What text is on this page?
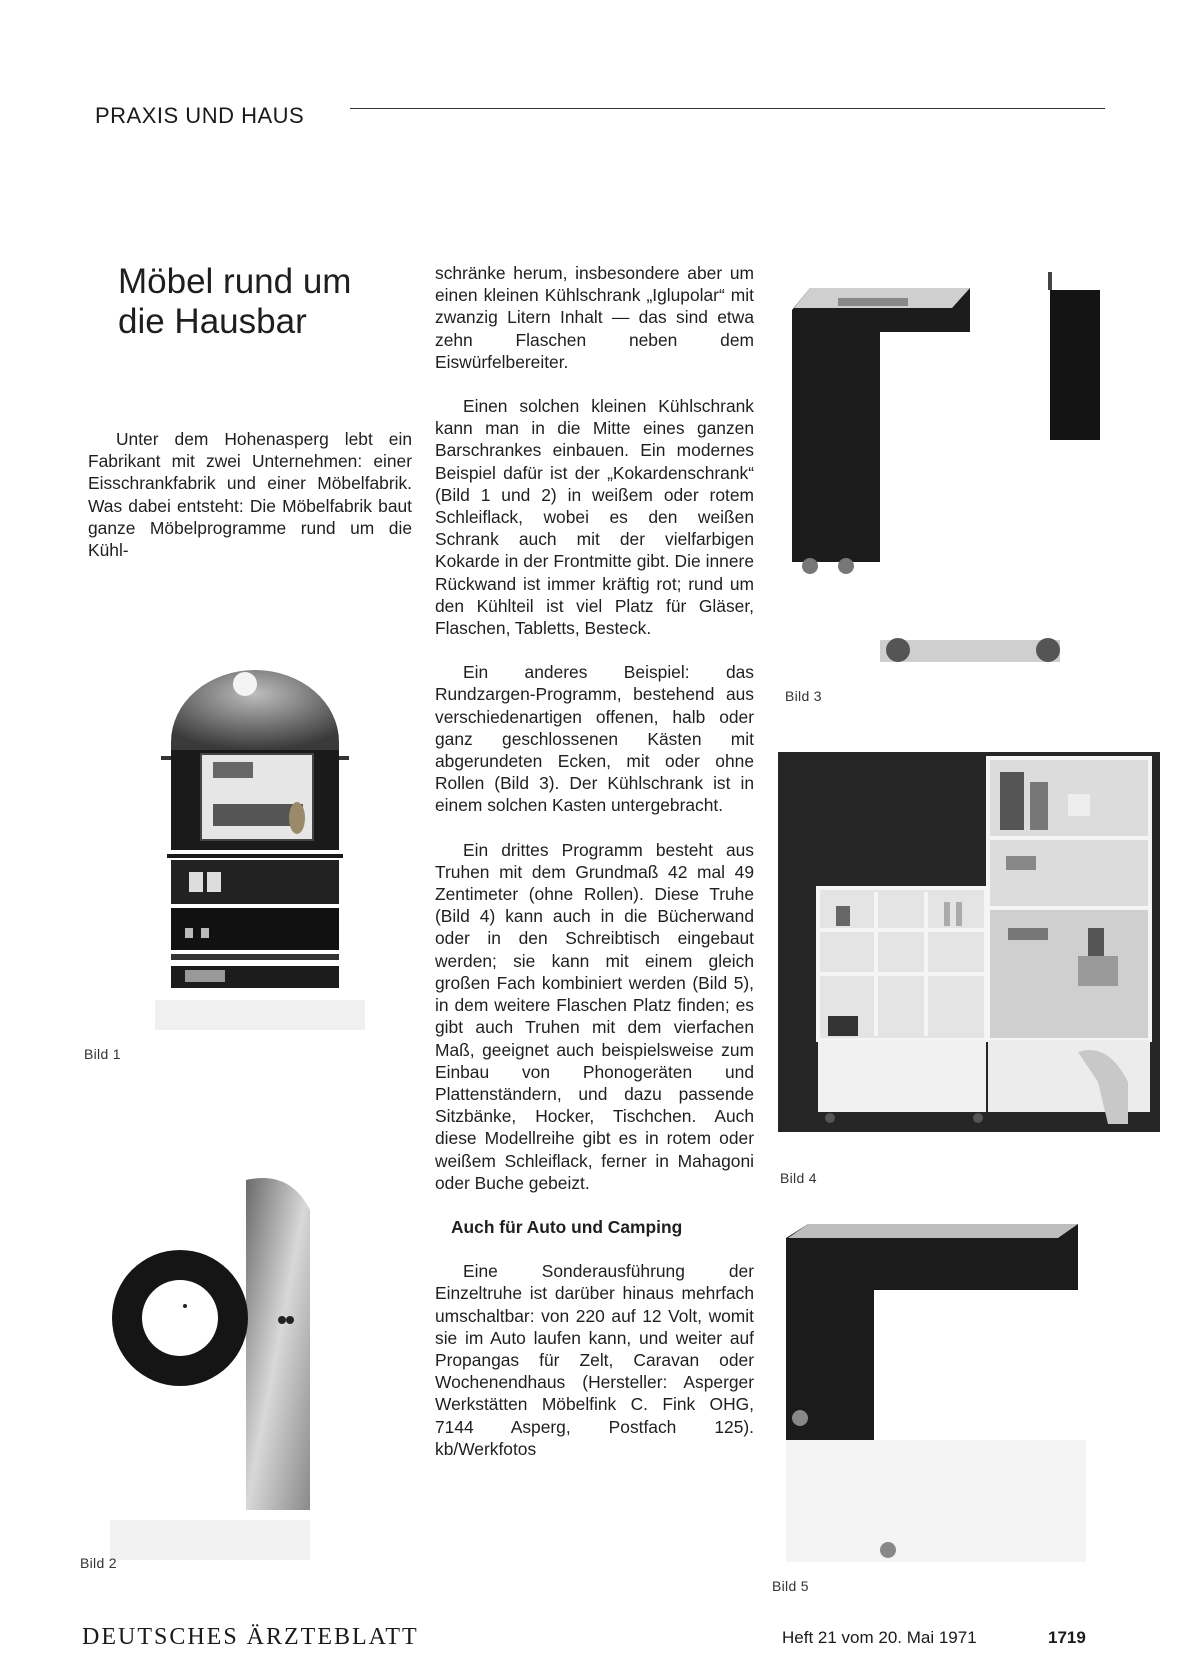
PRAXIS UND HAUS
Möbel rund um die Hausbar

Unter dem Hohenasperg lebt ein Fabrikant mit zwei Unternehmen: einer Eisschrankfabrik und einer Möbelfabrik. Was dabei entsteht: Die Möbelfabrik baut ganze Möbelprogramme rund um die Kühl-

schränke herum, insbesondere aber um einen kleinen Kühlschrank „Iglupolar“ mit zwanzig Litern Inhalt — das sind etwa zehn Flaschen neben dem Eiswürfelbereiter.

Einen solchen kleinen Kühlschrank kann man in die Mitte eines ganzen Barschrankes einbauen. Ein modernes Beispiel dafür ist der „Kokardenschrank“ (Bild 1 und 2) in weißem oder rotem Schleiflack, wobei es den weißen Schrank auch mit der vielfarbigen Kokarde in der Frontmitte gibt. Die innere Rückwand ist immer kräftig rot; rund um den Kühlteil ist viel Platz für Gläser, Flaschen, Tabletts, Besteck.

Ein anderes Beispiel: das Rundzargen-Programm, bestehend aus verschiedenartigen offenen, halb oder ganz geschlossenen Kästen mit abgerundeten Ecken, mit oder ohne Rollen (Bild 3). Der Kühlschrank ist in einem solchen Kasten untergebracht.

Ein drittes Programm besteht aus Truhen mit dem Grundmaß 42 mal 49 Zentimeter (ohne Rollen). Diese Truhe (Bild 4) kann auch in die Bücherwand oder in den Schreibtisch eingebaut werden; sie kann mit einem gleich großen Fach kombiniert werden (Bild 5), in dem weitere Flaschen Platz finden; es gibt auch Truhen mit dem vierfachen Maß, geeignet auch beispielsweise zum Einbau von Phonogeräten und Plattenständern, und dazu passende Sitzbänke, Hocker, Tischchen. Auch diese Modellreihe gibt es in rotem oder weißem Schleiflack, ferner in Mahagoni oder Buche gebeizt.

Auch für Auto und Camping

Eine Sonderausführung der Einzeltruhe ist darüber hinaus mehrfach umschaltbar: von 220 auf 12 Volt, womit sie im Auto laufen kann, und weiter auf Propangas für Zelt, Caravan oder Wochenendhaus (Hersteller: Asperger Werkstätten Möbelfink C. Fink OHG, 7144 Asperg, Postfach 125). kb/Werkfotos

Bild 1
Bild 2
Bild 3
Bild 4
Bild 5
DEUTSCHES ÄRZTEBLATT	Heft 21 vom 20. Mai 1971	1719
